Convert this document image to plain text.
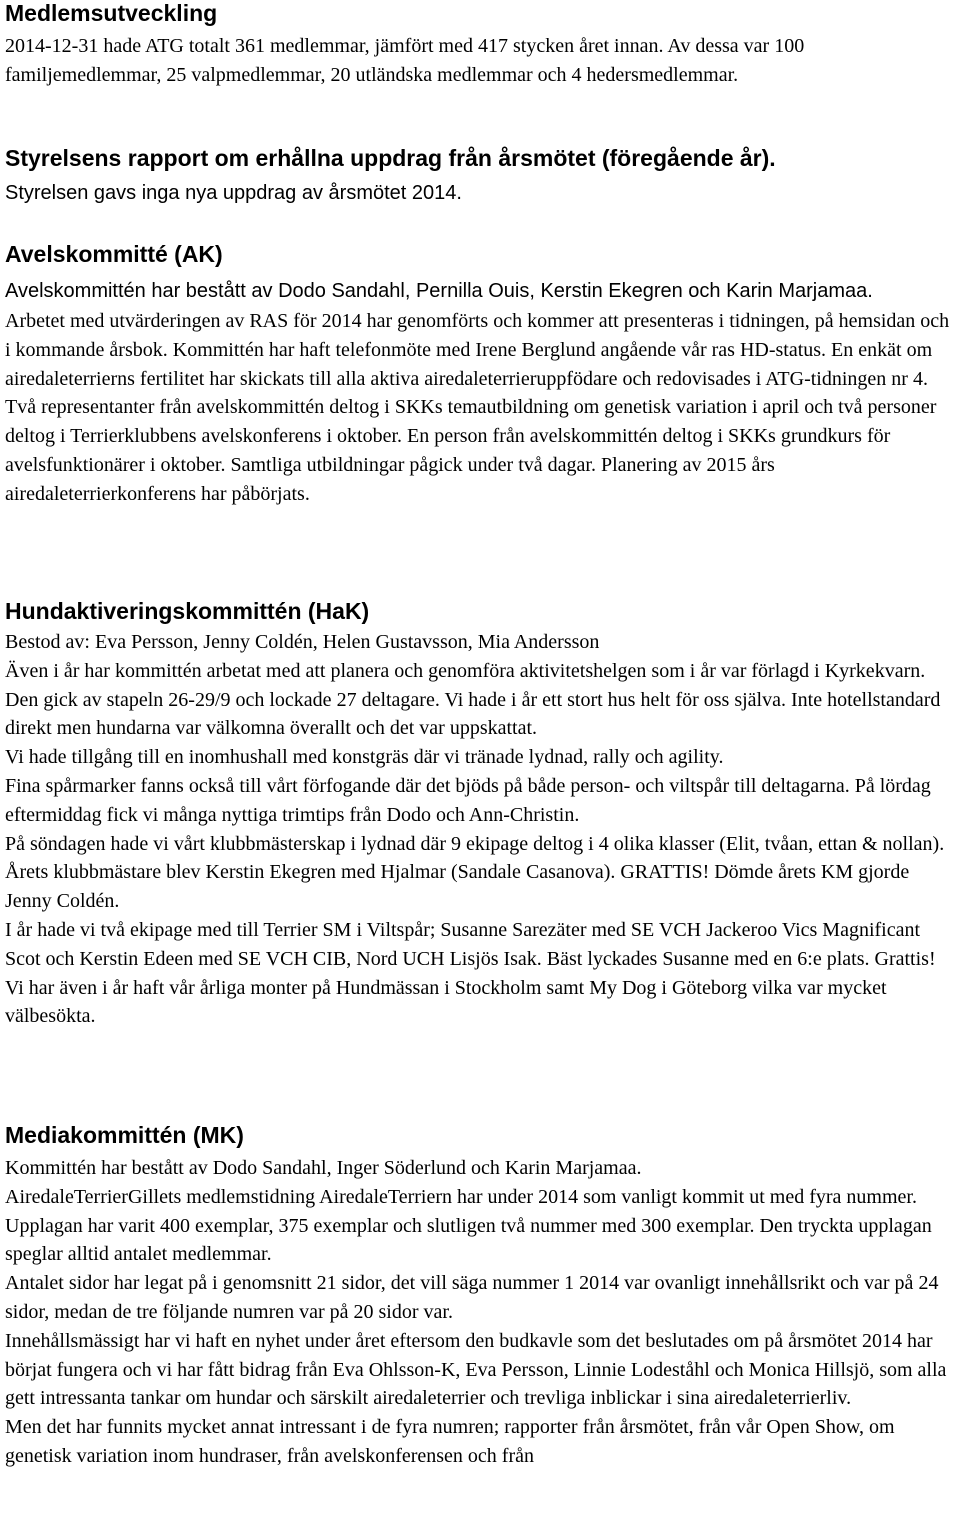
Medlemsutveckling

2014-12-31 hade ATG totalt 361 medlemmar, jämfört med 417 stycken året innan. Av dessa var 100 familjemedlemmar, 25 valpmedlemmar, 20 utländska medlemmar och 4 hedersmedlemmar.

Styrelsens rapport om erhållna uppdrag från årsmötet (föregående år).

Styrelsen gavs inga nya uppdrag av årsmötet 2014.

Avelskommitté (AK)

Avelskommittén har bestått av Dodo Sandahl, Pernilla Ouis, Kerstin Ekegren och Karin Marjamaa.

Arbetet med utvärderingen av RAS för 2014 har genomförts och kommer att presenteras i tidningen, på hemsidan och i kommande årsbok. Kommittén har haft telefonmöte med Irene Berglund angående vår ras HD-status. En enkät om airedaleterrierns fertilitet har skickats till alla aktiva airedaleterrieruppfödare och redovisades i ATG-tidningen nr 4. Två representanter från avelskommittén deltog i SKKs temautbildning om genetisk variation i april och två personer deltog i Terrierklubbens avelskonferens i oktober. En person från avelskommittén deltog i SKKs grundkurs för avelsfunktionärer i oktober. Samtliga utbildningar pågick under två dagar. Planering av 2015 års airedaleterrierkonferens har påbörjats.

Hundaktiveringskommittén (HaK)

Bestod av: Eva Persson, Jenny Coldén, Helen Gustavsson, Mia Andersson

Även i år har kommittén arbetat med att planera och genomföra aktivitetshelgen som i år var förlagd i Kyrkekvarn. Den gick av stapeln 26-29/9 och lockade 27 deltagare. Vi hade i år ett stort hus helt för oss själva. Inte hotellstandard direkt men hundarna var välkomna överallt och det var uppskattat.

Vi hade tillgång till en inomhushall med konstgräs där vi tränade lydnad, rally och agility.

Fina spårmarker fanns också till vårt förfogande där det bjöds på både person- och viltspår till deltagarna. På lördag eftermiddag fick vi många nyttiga trimtips från Dodo och Ann-Christin.

På söndagen hade vi vårt klubbmästerskap i lydnad där 9 ekipage deltog i 4 olika klasser (Elit, tvåan, ettan & nollan). Årets klubbmästare blev Kerstin Ekegren med Hjalmar (Sandale Casanova). GRATTIS! Dömde årets KM gjorde Jenny Coldén.

I år hade vi två ekipage med till Terrier SM i Viltspår; Susanne Sarezäter med SE VCH Jackeroo Vics Magnificant Scot och Kerstin Edeen med SE VCH CIB, Nord UCH Lisjös Isak. Bäst lyckades Susanne med en 6:e plats. Grattis!

Vi har även i år haft vår årliga monter på Hundmässan i Stockholm samt My Dog i Göteborg vilka var mycket välbesökta.

Mediakommittén (MK)

Kommittén har bestått av Dodo Sandahl, Inger Söderlund och Karin Marjamaa.

AiredaleTerrierGillets medlemstidning AiredaleTerriern har under 2014 som vanligt kommit ut med fyra nummer.

Upplagan har varit 400 exemplar, 375 exemplar och slutligen två nummer med 300 exemplar. Den tryckta upplagan speglar alltid antalet medlemmar.

Antalet sidor har legat på i genomsnitt 21 sidor, det vill säga nummer 1 2014 var ovanligt innehållsrikt och var på 24 sidor, medan de tre följande numren var på 20 sidor var.

Innehållsmässigt har vi haft en nyhet under året eftersom den budkavle som det beslutades om på årsmötet 2014 har börjat fungera och vi har fått bidrag från Eva Ohlsson-K, Eva Persson, Linnie Lodeståhl och Monica Hillsjö, som alla gett intressanta tankar om hundar och särskilt airedaleterrier och trevliga inblickar i sina airedaleterrierliv.

Men det har funnits mycket annat intressant i de fyra numren; rapporter från årsmötet, från vår Open Show, om genetisk variation inom hundraser, från avelskonferensen och från
